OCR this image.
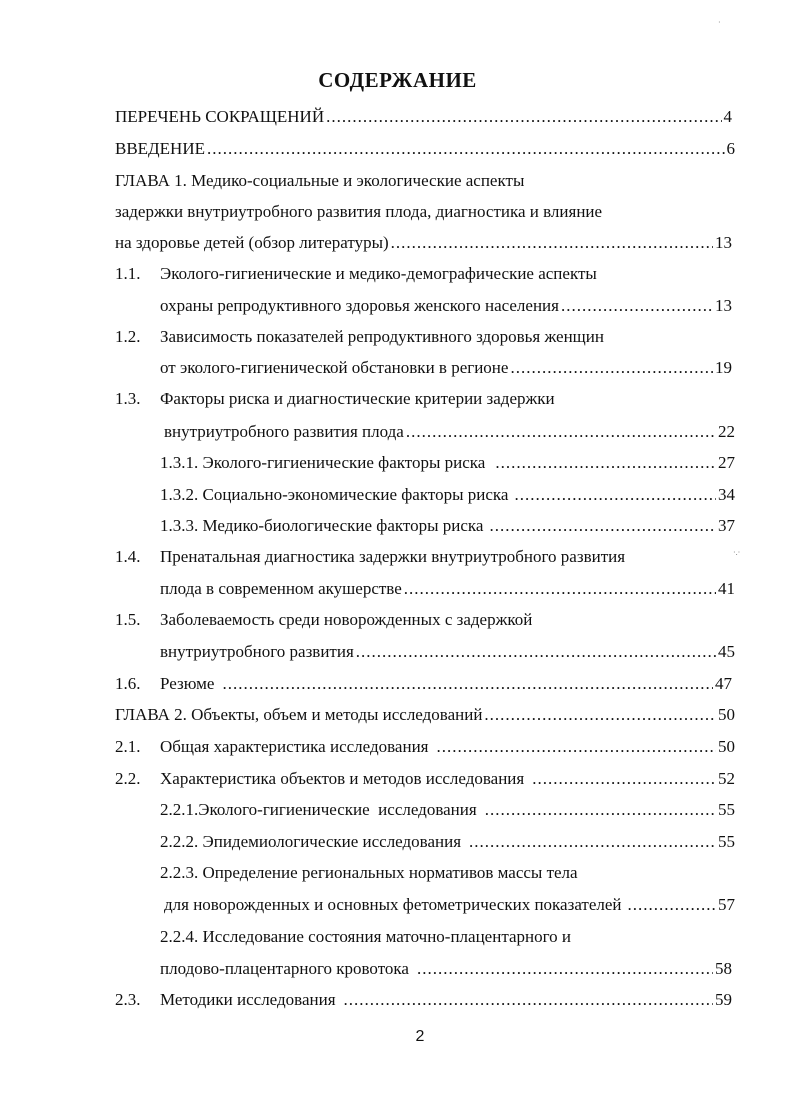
СОДЕРЖАНИЕ
ПЕРЕЧЕНЬ СОКРАЩЕНИЙ .....	4
ВВЕДЕНИЕ .....	6
ГЛАВА 1. Медико-социальные и экологические аспекты
задержки внутриутробного развития плода, диагностика и влияние
на здоровье детей (обзор литературы) .....	13
1.1. Эколого-гигиенические и медико-демографические аспекты
охраны репродуктивного здоровья женского населения .....	13
1.2. Зависимость показателей репродуктивного здоровья женщин
от эколого-гигиенической обстановки в регионе .....	19
1.3. Факторы риска и диагностические критерии задержки
внутриутробного развития плода .....	22
1.3.1. Эколого-гигиенические факторы риска .....	27
1.3.2. Социально-экономические факторы риска .....	34
1.3.3. Медико-биологические факторы риска .....	37
1.4. Пренатальная диагностика задержки внутриутробного развития
плода в современном акушерстве .....	41
1.5. Заболеваемость среди новорожденных с задержкой
внутриутробного развития .....	45
1.6. Резюме .....	47
ГЛАВА 2. Объекты, объем и методы исследований .....	50
2.1. Общая характеристика исследования .....	50
2.2. Характеристика объектов и методов исследования .....	52
2.2.1.Эколого-гигиенические  исследования .....	55
2.2.2. Эпидемиологические исследования .....	55
2.2.3. Определение региональных нормативов массы тела
для новорожденных и основных фетометрических показателей .....	57
2.2.4. Исследование состояния маточно-плацентарного и
плодово-плацентарного кровотока .....	58
2.3. Методики исследования .....	59
2
·
·.·
